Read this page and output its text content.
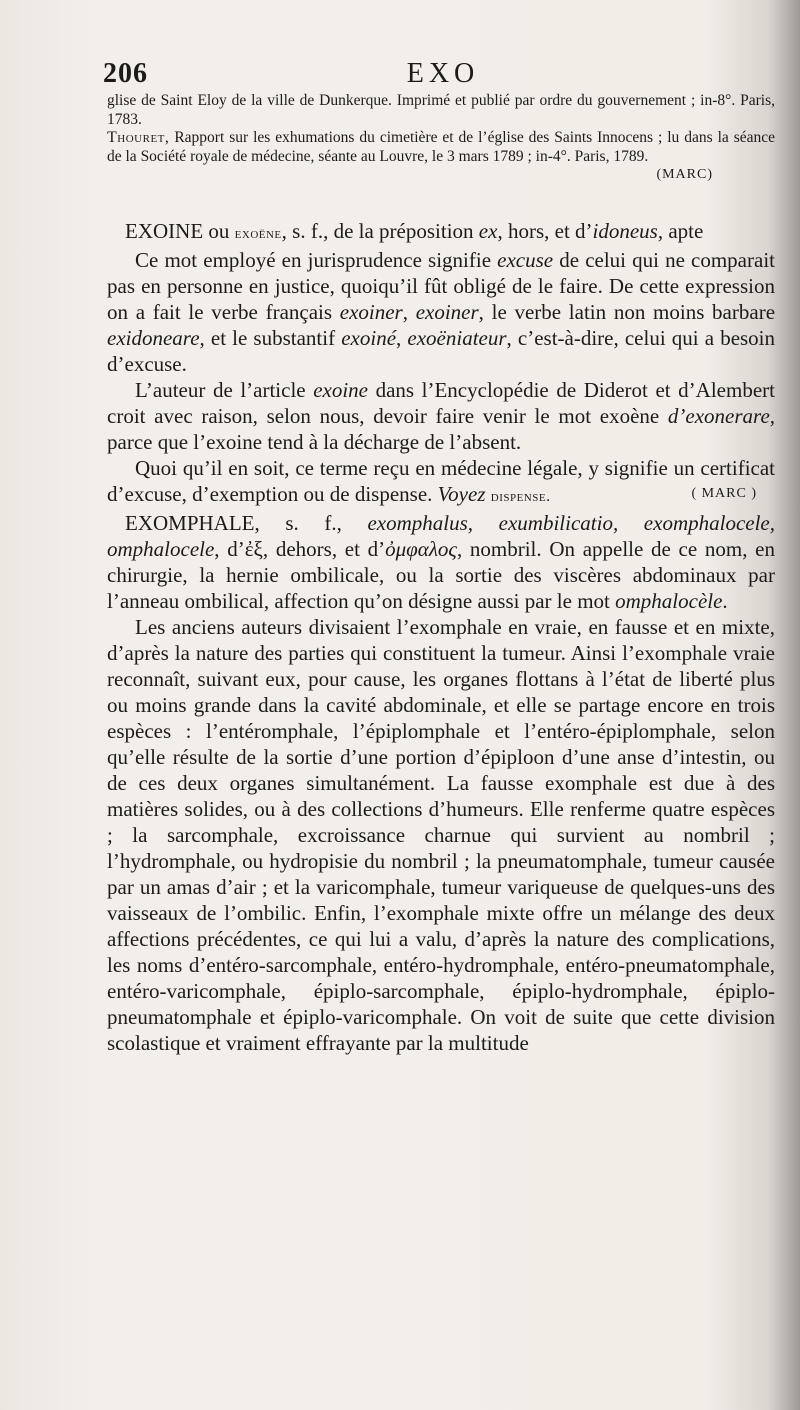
206	EXO

glise de Saint Eloy de la ville de Dunkerque. Imprimé et publié par ordre du gouvernement ; in-8°. Paris, 1783.

Thouret, Rapport sur les exhumations du cimetière et de l’église des Saints Innocens ; lu dans la séance de la Société royale de médecine, séante au Louvre, le 3 mars 1789 ; in-4°. Paris, 1789.

(MARC)

EXOINE ou exoëne, s. f., de la préposition ex, hors, et d’idoneus, apte

Ce mot employé en jurisprudence signifie excuse de celui qui ne comparait pas en personne en justice, quoiqu’il fût obligé de le faire. De cette expression on a fait le verbe français exoiner, exoiner, le verbe latin non moins barbare exidoneare, et le substantif exoiné, exoëniateur, c’est-à-dire, celui qui a besoin d’excuse.

L’auteur de l’article exoine dans l’Encyclopédie de Diderot et d’Alembert croit avec raison, selon nous, devoir faire venir le mot exoène d’exonerare, parce que l’exoine tend à la décharge de l’absent.

Quoi qu’il en soit, ce terme reçu en médecine légale, y signifie un certificat d’excuse, d’exemption ou de dispense. Voyez dispense.	( MARC )

EXOMPHALE, s. f., exomphalus, exumbilicatio, exomphalocele, omphalocele, d’ἐξ, dehors, et d’ὀμφαλος, nombril. On appelle de ce nom, en chirurgie, la hernie ombilicale, ou la sortie des viscères abdominaux par l’anneau ombilical, affection qu’on désigne aussi par le mot omphalocèle.

Les anciens auteurs divisaient l’exomphale en vraie, en fausse et en mixte, d’après la nature des parties qui constituent la tumeur. Ainsi l’exomphale vraie reconnaît, suivant eux, pour cause, les organes flottans à l’état de liberté plus ou moins grande dans la cavité abdominale, et elle se partage encore en trois espèces : l’entéromphale, l’épiplomphale et l’entéro-épiplomphale, selon qu’elle résulte de la sortie d’une portion d’épiploon d’une anse d’intestin, ou de ces deux organes simultanément. La fausse exomphale est due à des matières solides, ou à des collections d’humeurs. Elle renferme quatre espèces ; la sarcomphale, excroissance charnue qui survient au nombril ; l’hydromphale, ou hydropisie du nombril ; la pneumatomphale, tumeur causée par un amas d’air ; et la varicomphale, tumeur variqueuse de quelques-uns des vaisseaux de l’ombilic. Enfin, l’exomphale mixte offre un mélange des deux affections précédentes, ce qui lui a valu, d’après la nature des complications, les noms d’entéro-sarcomphale, entéro-hydromphale, entéro-pneumatomphale, entéro-varicomphale, épiplo-sarcomphale, épiplo-hydromphale, épiplo-pneumatomphale et épiplo-varicomphale. On voit de suite que cette division scolastique et vraiment effrayante par la multitude
